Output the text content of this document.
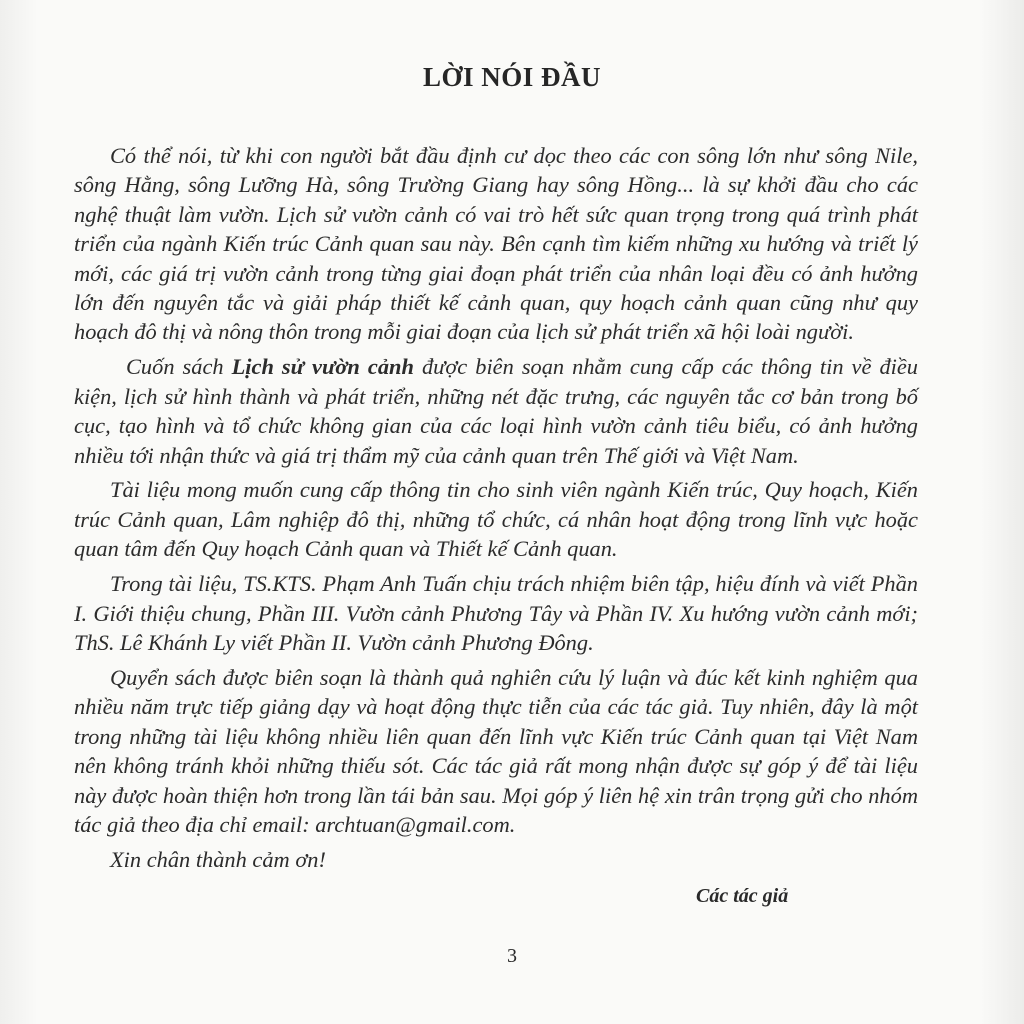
LỜI NÓI ĐẦU

Có thể nói, từ khi con người bắt đầu định cư dọc theo các con sông lớn như sông Nile, sông Hằng, sông Lưỡng Hà, sông Trường Giang hay sông Hồng... là sự khởi đầu cho các nghệ thuật làm vườn. Lịch sử vườn cảnh có vai trò hết sức quan trọng trong quá trình phát triển của ngành Kiến trúc Cảnh quan sau này. Bên cạnh tìm kiếm những xu hướng và triết lý mới, các giá trị vườn cảnh trong từng giai đoạn phát triển của nhân loại đều có ảnh hưởng lớn đến nguyên tắc và giải pháp thiết kế cảnh quan, quy hoạch cảnh quan cũng như quy hoạch đô thị và nông thôn trong mỗi giai đoạn của lịch sử phát triển xã hội loài người.

Cuốn sách Lịch sử vườn cảnh được biên soạn nhằm cung cấp các thông tin về điều kiện, lịch sử hình thành và phát triển, những nét đặc trưng, các nguyên tắc cơ bản trong bố cục, tạo hình và tổ chức không gian của các loại hình vườn cảnh tiêu biểu, có ảnh hưởng nhiều tới nhận thức và giá trị thẩm mỹ của cảnh quan trên Thế giới và Việt Nam.

Tài liệu mong muốn cung cấp thông tin cho sinh viên ngành Kiến trúc, Quy hoạch, Kiến trúc Cảnh quan, Lâm nghiệp đô thị, những tổ chức, cá nhân hoạt động trong lĩnh vực hoặc quan tâm đến Quy hoạch Cảnh quan và Thiết kế Cảnh quan.

Trong tài liệu, TS.KTS. Phạm Anh Tuấn chịu trách nhiệm biên tập, hiệu đính và viết Phần I. Giới thiệu chung, Phần III. Vườn cảnh Phương Tây và Phần IV. Xu hướng vườn cảnh mới; ThS. Lê Khánh Ly viết Phần II. Vườn cảnh Phương Đông.

Quyển sách được biên soạn là thành quả nghiên cứu lý luận và đúc kết kinh nghiệm qua nhiều năm trực tiếp giảng dạy và hoạt động thực tiễn của các tác giả. Tuy nhiên, đây là một trong những tài liệu không nhiều liên quan đến lĩnh vực Kiến trúc Cảnh quan tại Việt Nam nên không tránh khỏi những thiếu sót. Các tác giả rất mong nhận được sự góp ý để tài liệu này được hoàn thiện hơn trong lần tái bản sau. Mọi góp ý liên hệ xin trân trọng gửi cho nhóm tác giả theo địa chỉ email: archtuan@gmail.com.

Xin chân thành cảm ơn!

Các tác giả
3
